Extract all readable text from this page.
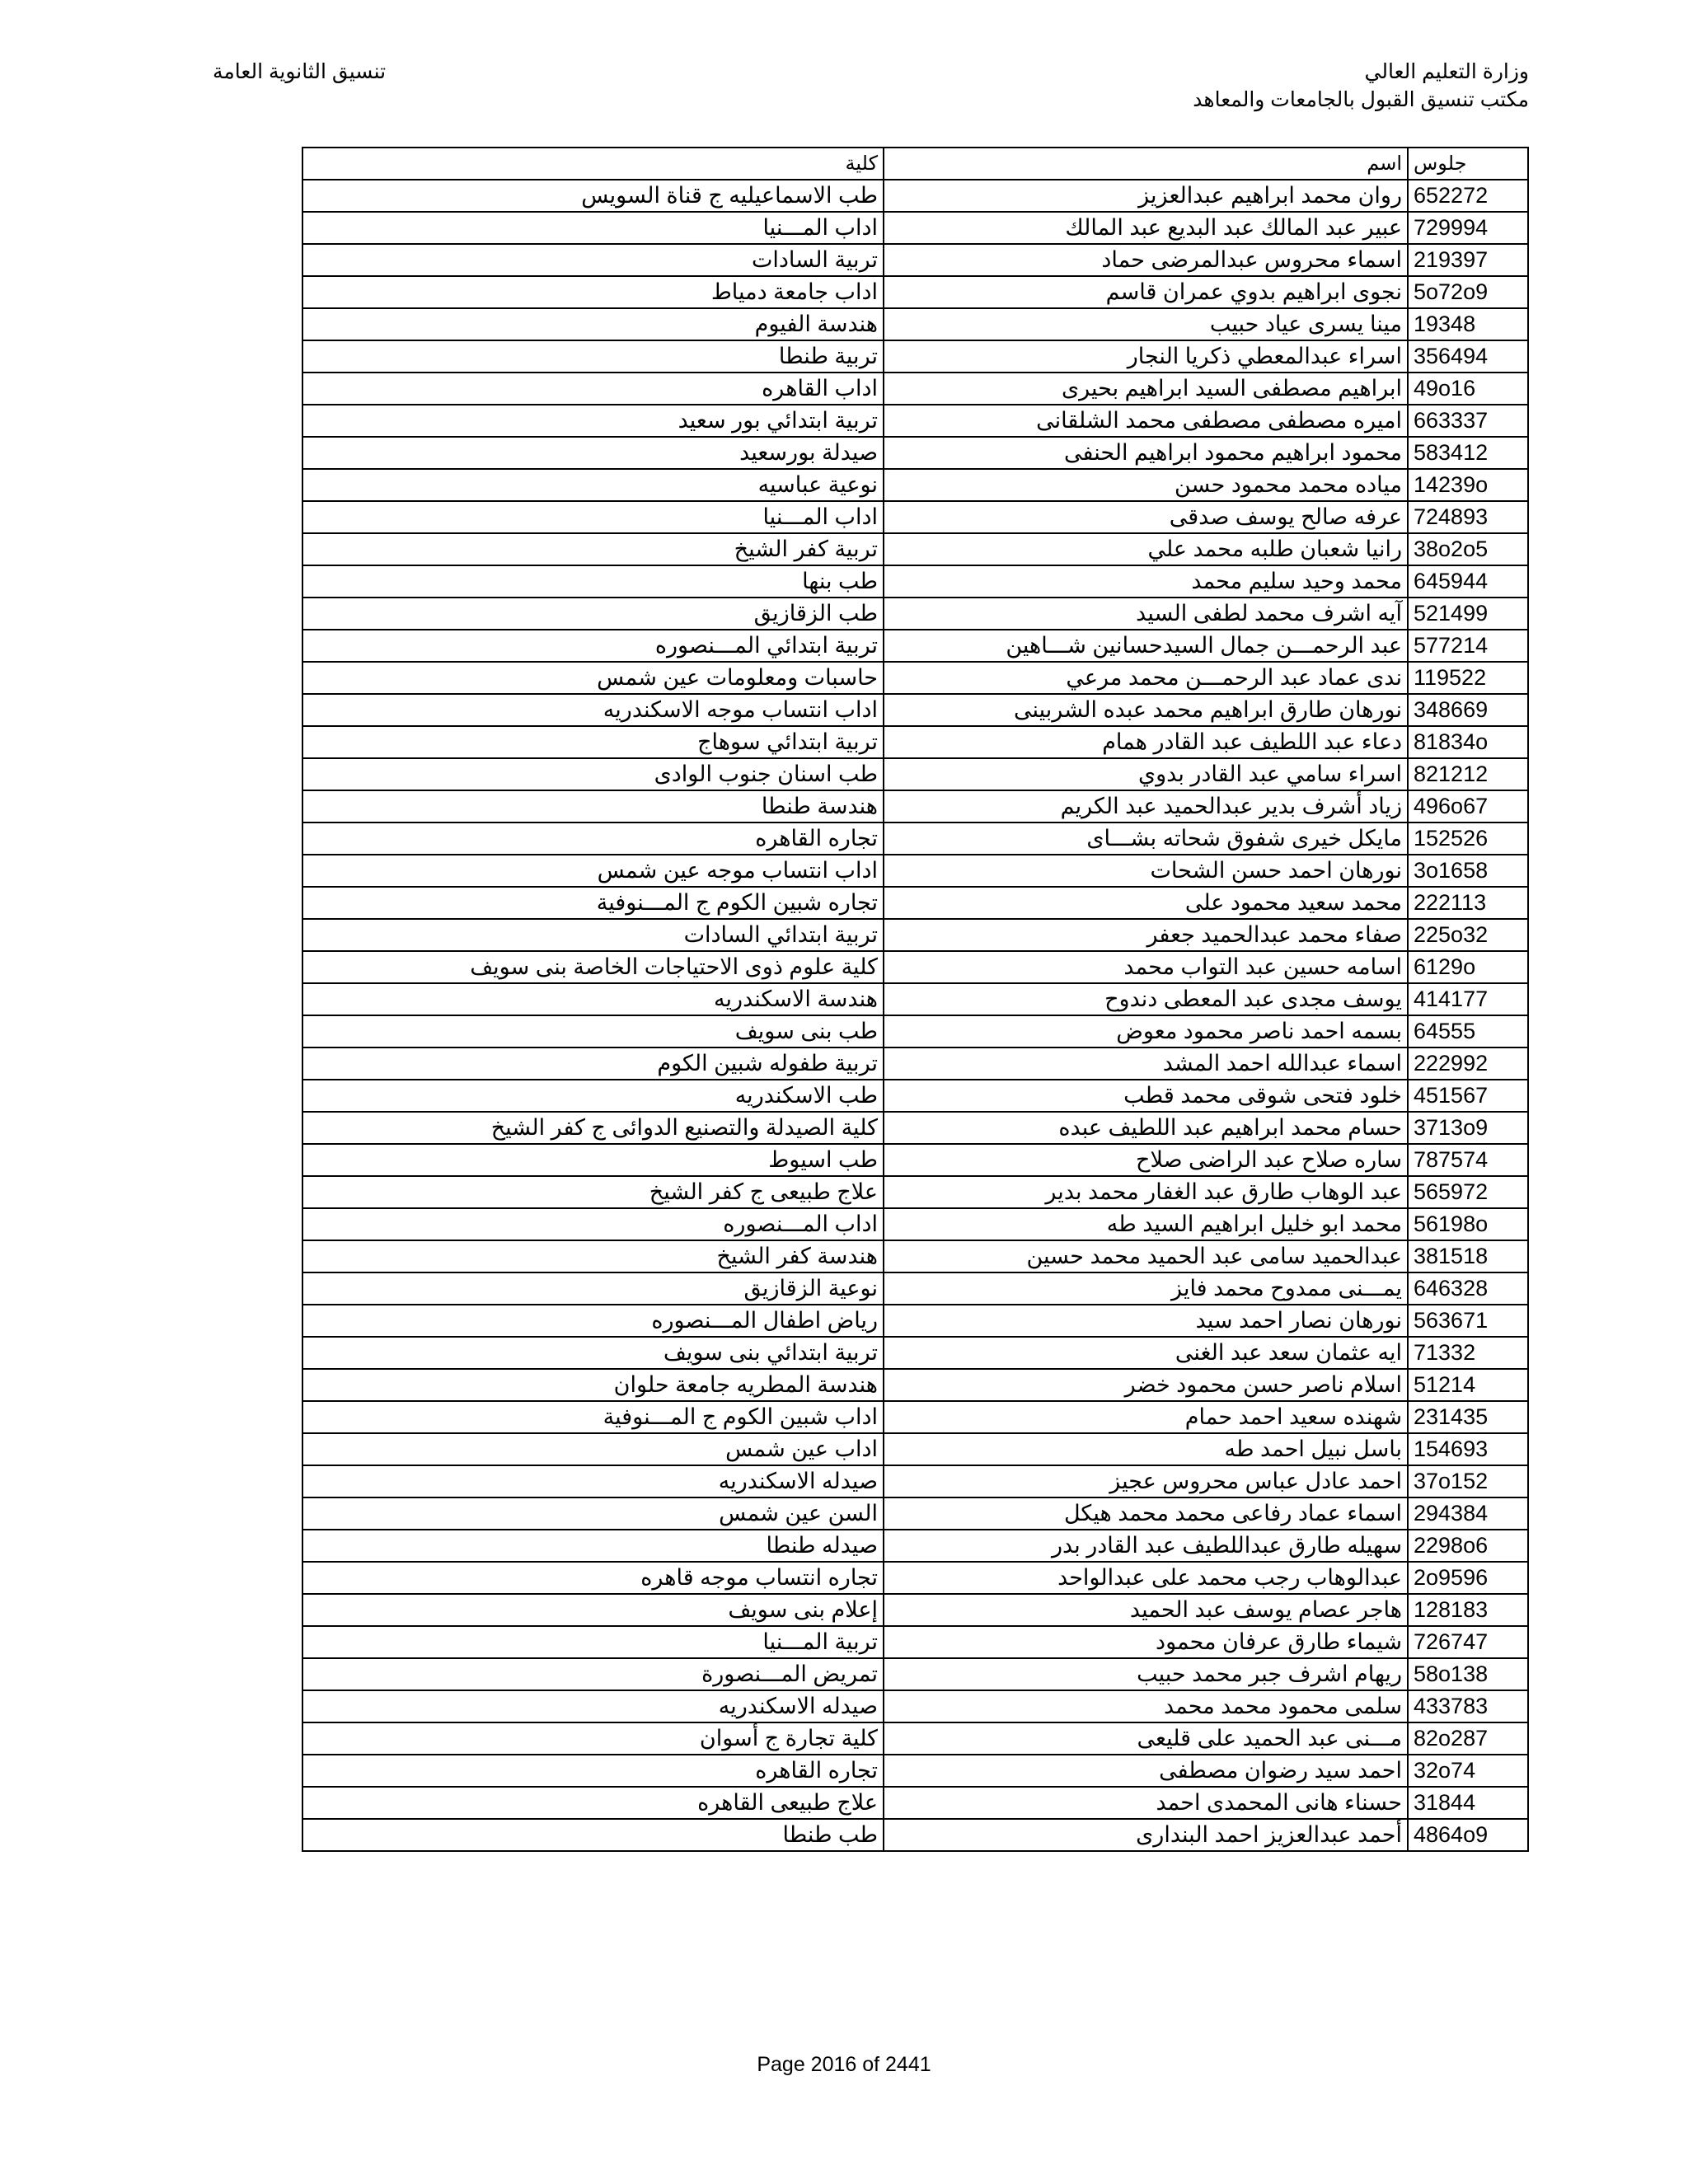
وزارة التعليم العالي
مكتب تنسيق القبول بالجامعات والمعاهد
تنسيق الثانوية العامة
كلية	اسم	جلوس
طب الاسماعيليه ج قناة السويس	روان محمد ابراهيم عبدالعزيز	652272
اداب المـــنيا	عبير عبد المالك عبد البديع عبد المالك	729994
تربية السادات	اسماء محروس عبدالمرضى حماد	219397
اداب جامعة دمياط	نجوى ابراهيم بدوي عمران قاسم	5o72o9
هندسة الفيوم	مينا يسرى عياد حبيب	19348
تربية طنطا	اسراء عبدالمعطي ذكريا النجار	356494
اداب القاهره	ابراهيم مصطفى السيد ابراهيم بحيرى	49o16
تربية ابتدائي بور سعيد	اميره مصطفى مصطفى محمد الشلقانى	663337
صيدلة بورسعيد	محمود ابراهيم محمود ابراهيم الحنفى	583412
نوعية عباسيه	مياده محمد محمود حسن	14239o
اداب المـــنيا	عرفه صالح يوسف صدقى	724893
تربية كفر الشيخ	رانيا شعبان طلبه محمد علي	38o2o5
طب بنها	محمد وحيد سليم محمد	645944
طب الزقازيق	آيه اشرف محمد لطفى السيد	521499
تربية ابتدائي المـــنصوره	عبد الرحمـــن جمال السيدحسانين شـــاهين	577214
حاسبات ومعلومات عين شمس	ندى عماد عبد الرحمـــن محمد مرعي	119522
اداب انتساب موجه الاسكندريه	نورهان طارق ابراهيم محمد عبده الشربينى	348669
تربية ابتدائي سوهاج	دعاء عبد اللطيف عبد القادر همام	81834o
طب اسنان جنوب الوادى	اسراء سامي عبد القادر بدوي	821212
هندسة طنطا	زياد أشرف بدير عبدالحميد عبد الكريم	496o67
تجاره القاهره	مايكل خيرى شفوق شحاته بشـــاى	152526
اداب انتساب موجه عين شمس	نورهان احمد حسن الشحات	3o1658
تجاره شبين الكوم ج المـــنوفية	محمد سعيد محمود على	222113
تربية ابتدائي السادات	صفاء محمد عبدالحميد جعفر	225o32
كلية علوم ذوى الاحتياجات الخاصة بنى سويف	اسامه حسين عبد التواب محمد	6129o
هندسة الاسكندريه	يوسف مجدى عبد المعطى دندوح	414177
طب بنى سويف	بسمه احمد ناصر محمود معوض	64555
تربية طفوله شبين الكوم	اسماء عبدالله احمد المشد	222992
طب الاسكندريه	خلود فتحى شوقى محمد قطب	451567
كلية الصيدلة والتصنيع الدوائى ج كفر الشيخ	حسام محمد ابراهيم عبد اللطيف عبده	3713o9
طب اسيوط	ساره صلاح عبد الراضى صلاح	787574
علاج طبيعى ج كفر الشيخ	عبد الوهاب طارق عبد الغفار محمد بدير	565972
اداب المـــنصوره	محمد ابو خليل ابراهيم السيد طه	56198o
هندسة كفر الشيخ	عبدالحميد سامى عبد الحميد محمد حسين	381518
نوعية الزقازيق	يمـــنى ممدوح محمد فايز	646328
رياض اطفال المـــنصوره	نورهان نصار احمد سيد	563671
تربية ابتدائي بنى سويف	ايه عثمان سعد عبد الغنى	71332
هندسة المطريه جامعة حلوان	اسلام ناصر حسن محمود خضر	51214
اداب شبين الكوم ج المـــنوفية	شهنده سعيد احمد حمام	231435
اداب عين شمس	باسل نبيل احمد طه	154693
صيدله الاسكندريه	احمد عادل عباس محروس عجيز	37o152
السن عين شمس	اسماء عماد رفاعى محمد محمد هيكل	294384
صيدله طنطا	سهيله طارق عبداللطيف عبد القادر بدر	2298o6
تجاره انتساب موجه قاهره	عبدالوهاب رجب محمد على عبدالواحد	2o9596
إعلام بنى سويف	هاجر عصام يوسف عبد الحميد	128183
تربية المـــنيا	شيماء طارق عرفان محمود	726747
تمريض المـــنصورة	ريهام اشرف جبر محمد حبيب	58o138
صيدله الاسكندريه	سلمى محمود محمد محمد	433783
كلية تجارة ج أسوان	مـــنى عبد الحميد على قليعى	82o287
تجاره القاهره	احمد سيد رضوان مصطفى	32o74
علاج طبيعى القاهره	حسناء هانى المحمدى احمد	31844
طب طنطا	أحمد عبدالعزيز احمد البندارى	4864o9
Page 2016 of 2441
